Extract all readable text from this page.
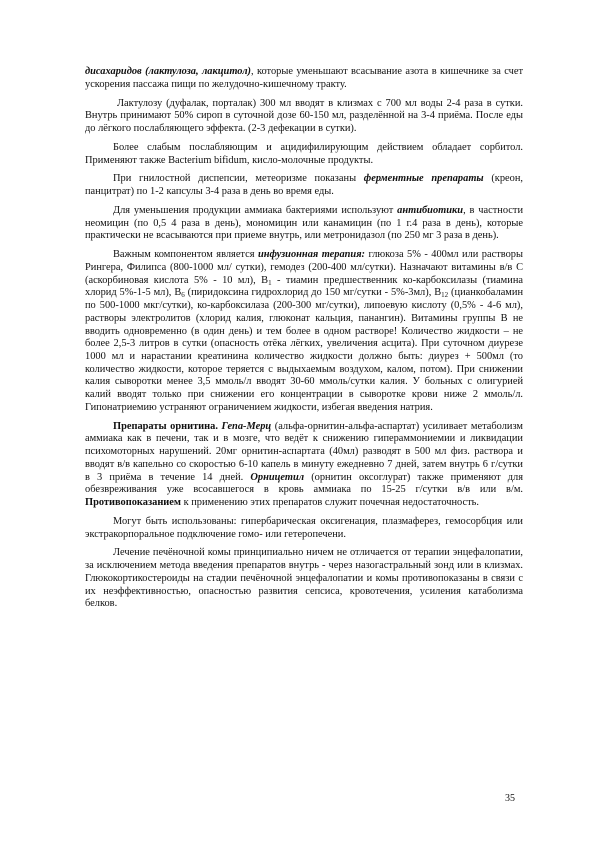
дисахаридов (лактулоза, лакцитол), которые уменьшают всасывание азота в кишечнике за счет ускорения пассажа пищи по желудочно-кишечному тракту.

Лактулозу (дуфалак, порталак) 300 мл вводят в клизмах с 700 мл воды 2-4 раза в сутки. Внутрь принимают 50% сироп в суточной дозе 60-150 мл, разделённой на 3-4 приёма. После еды до лёгкого послабляющего эффекта. (2-3 дефекации в сутки).

Более слабым послабляющим и ацидифилирующим действием обладает сорбитол. Применяют также Bacterium bifidum, кисло-молочные продукты.

При гнилостной диспепсии, метеоризме показаны ферментные препараты (креон, панцитрат) по 1-2 капсулы 3-4 раза в день во время еды.

Для уменьшения продукции аммиака бактериями используют антибиотики, в частности неомицин (по 0,5 4 раза в день), мономицин или канамицин (по 1 г.4 раза в день), которые практически не всасываются при приеме внутрь, или метронидазол (по 250 мг 3 раза в день).

Важным компонентом является инфузионная терапия: глюкоза 5% - 400мл или растворы Рингера, Филипса (800-1000 мл/ сутки), гемодез (200-400 мл/сутки). Назначают витамины в/в С (аскорбиновая кислота 5% - 10 мл), $В_1$ - тиамин предшественник ко-карбоксилазы (тиамина хлорид 5%-1-5 мл), $В_6$ (пиридоксина гидрохлорид до 150 мг/сутки - 5%-3мл), $В_{12}$ (цианкобаламин по 500-1000 мкг/сутки), ко-карбоксилаза (200-300 мг/сутки), липоевую кислоту (0,5% - 4-6 мл), растворы электролитов (хлорид калия, глюконат кальция, панангин). Витамины группы В не вводить одновременно (в один день) и тем более в одном растворе! Количество жидкости – не более 2,5-3 литров в сутки (опасность отёка лёгких, увеличения асцита). При суточном диурезе 1000 мл и нарастании креатинина количество жидкости должно быть: диурез + 500мл (то количество жидкости, которое теряется с выдыхаемым воздухом, калом, потом). При снижении калия сыворотки менее 3,5 ммоль/л вводят 30-60 ммоль/сутки калия. У больных с олигурией калий вводят только при снижении его концентрации в сыворотке крови ниже 2 ммоль/л. Гипонатриемию устраняют ограничением жидкости, избегая введения натрия.

Препараты орнитина. Гепа-Мерц (альфа-орнитин-альфа-аспартат) усиливает метаболизм аммиака как в печени, так и в мозге, что ведёт к снижению гипераммониемии и ликвидации психомоторных нарушений. 20мг орнитин-аспартата (40мл) разводят в 500 мл физ. раствора и вводят в/в капельно со скоростью 6-10 капель в минуту ежедневно 7 дней, затем внутрь 6 г/сутки в 3 приёма в течение 14 дней. Орницетил (орнитин оксоглурат) также применяют для обезвреживания уже всосавшегося в кровь аммиака по 15-25 г/сутки в/в или в/м. Противопоказанием к применению этих препаратов служит почечная недостаточность.

Могут быть использованы: гипербарическая оксигенация, плазмаферез, гемосорбция или экстракорпоральное подключение гомо- или гетеропечени.

Лечение печёночной комы принципиально ничем не отличается от терапии энцефалопатии, за исключением метода введения препаратов внутрь - через назогастральный зонд или в клизмах. Глюкокортикостероиды на стадии печёночной энцефалопатии и комы противопоказаны в связи с их неэффективностью, опасностью развития сепсиса, кровотечения, усиления катаболизма белков.

35
